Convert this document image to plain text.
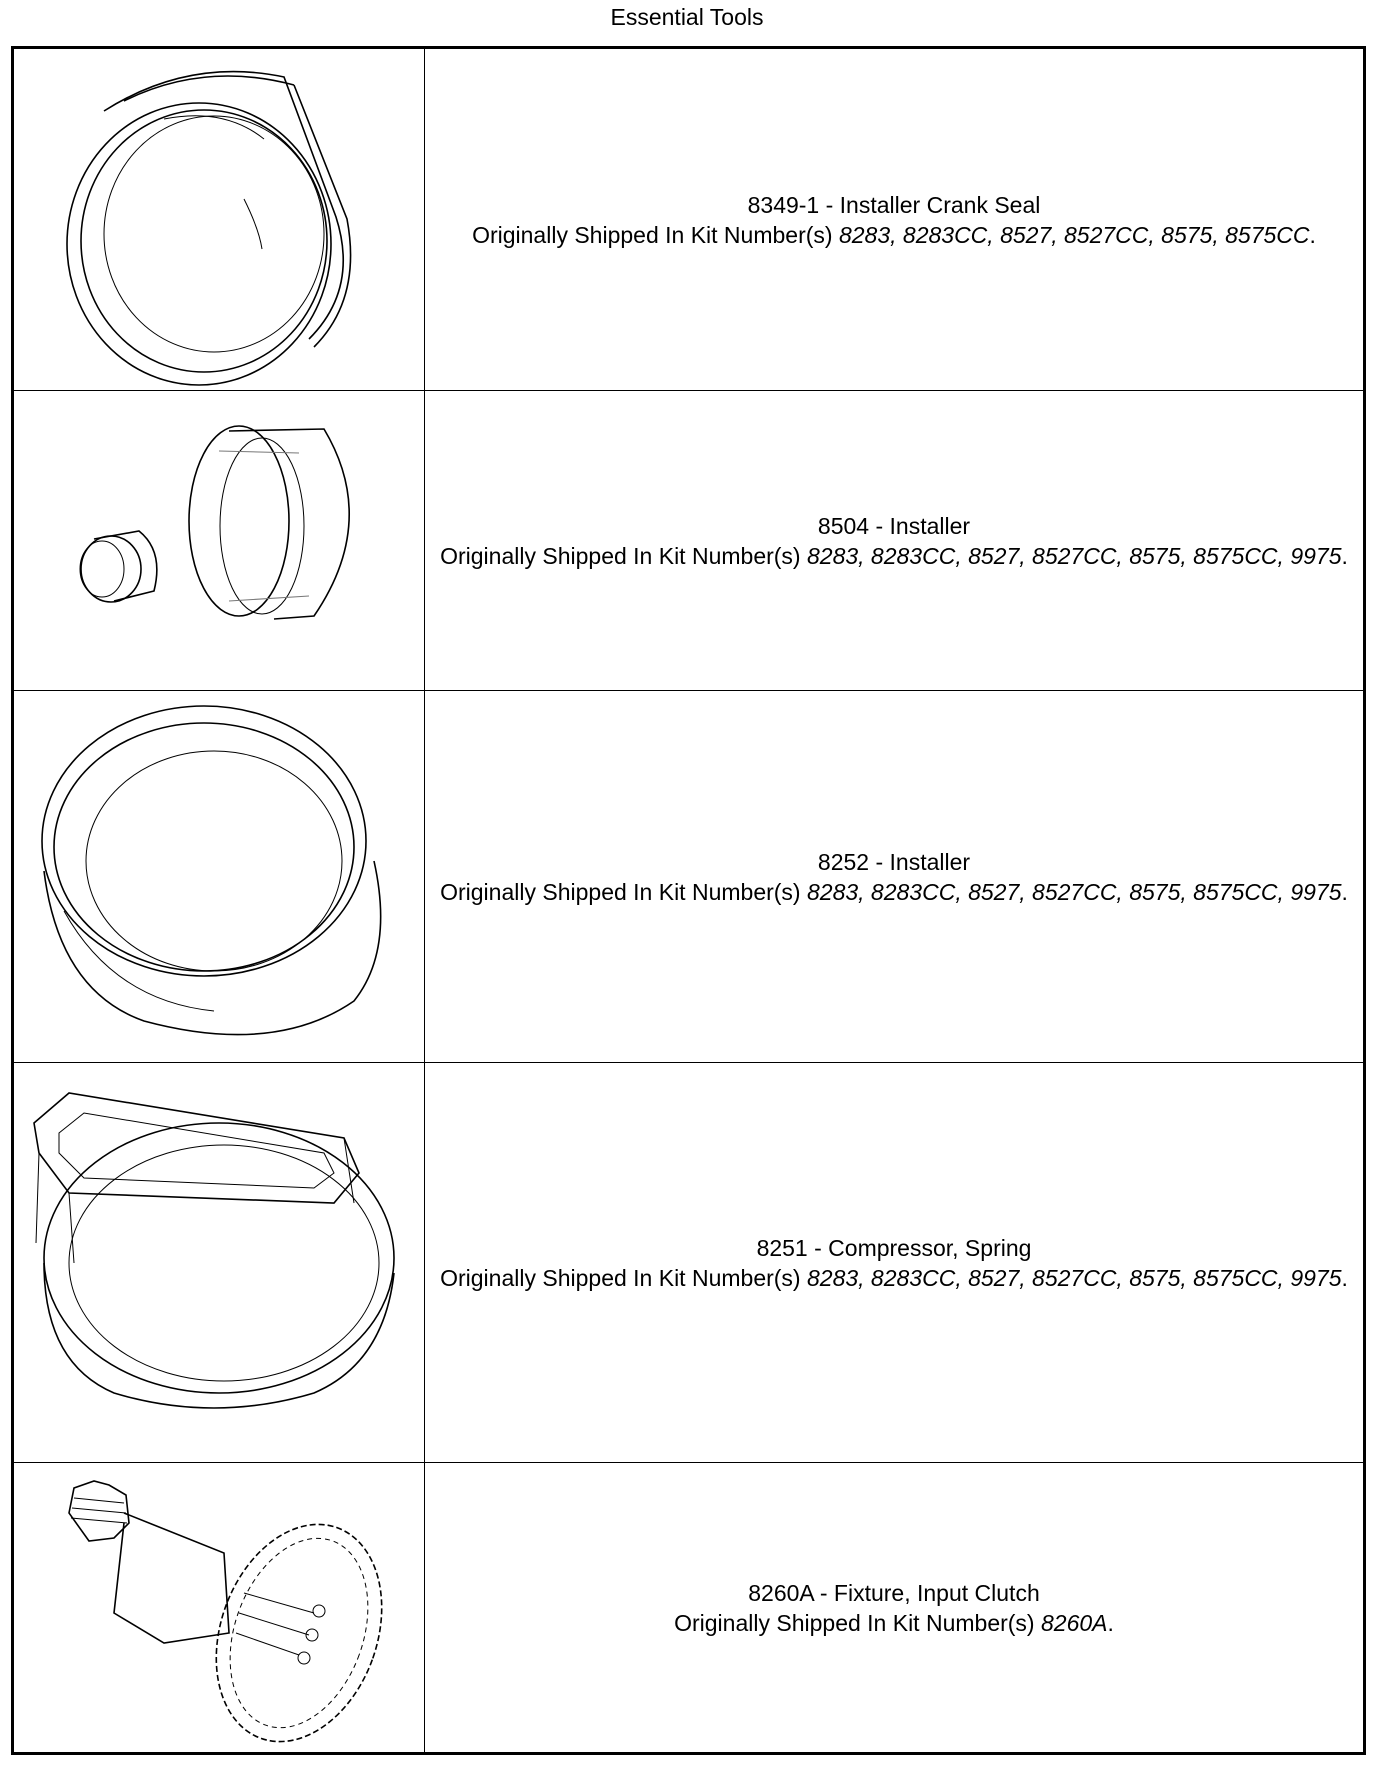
Essential Tools
8349-1 - Installer Crank Seal
Originally Shipped In Kit Number(s) 8283, 8283CC, 8527, 8527CC, 8575, 8575CC.
8504 - Installer
Originally Shipped In Kit Number(s) 8283, 8283CC, 8527, 8527CC, 8575, 8575CC, 9975.
8252 - Installer
Originally Shipped In Kit Number(s) 8283, 8283CC, 8527, 8527CC, 8575, 8575CC, 9975.
8251 - Compressor, Spring
Originally Shipped In Kit Number(s) 8283, 8283CC, 8527, 8527CC, 8575, 8575CC, 9975.
8260A - Fixture, Input Clutch
Originally Shipped In Kit Number(s) 8260A.
